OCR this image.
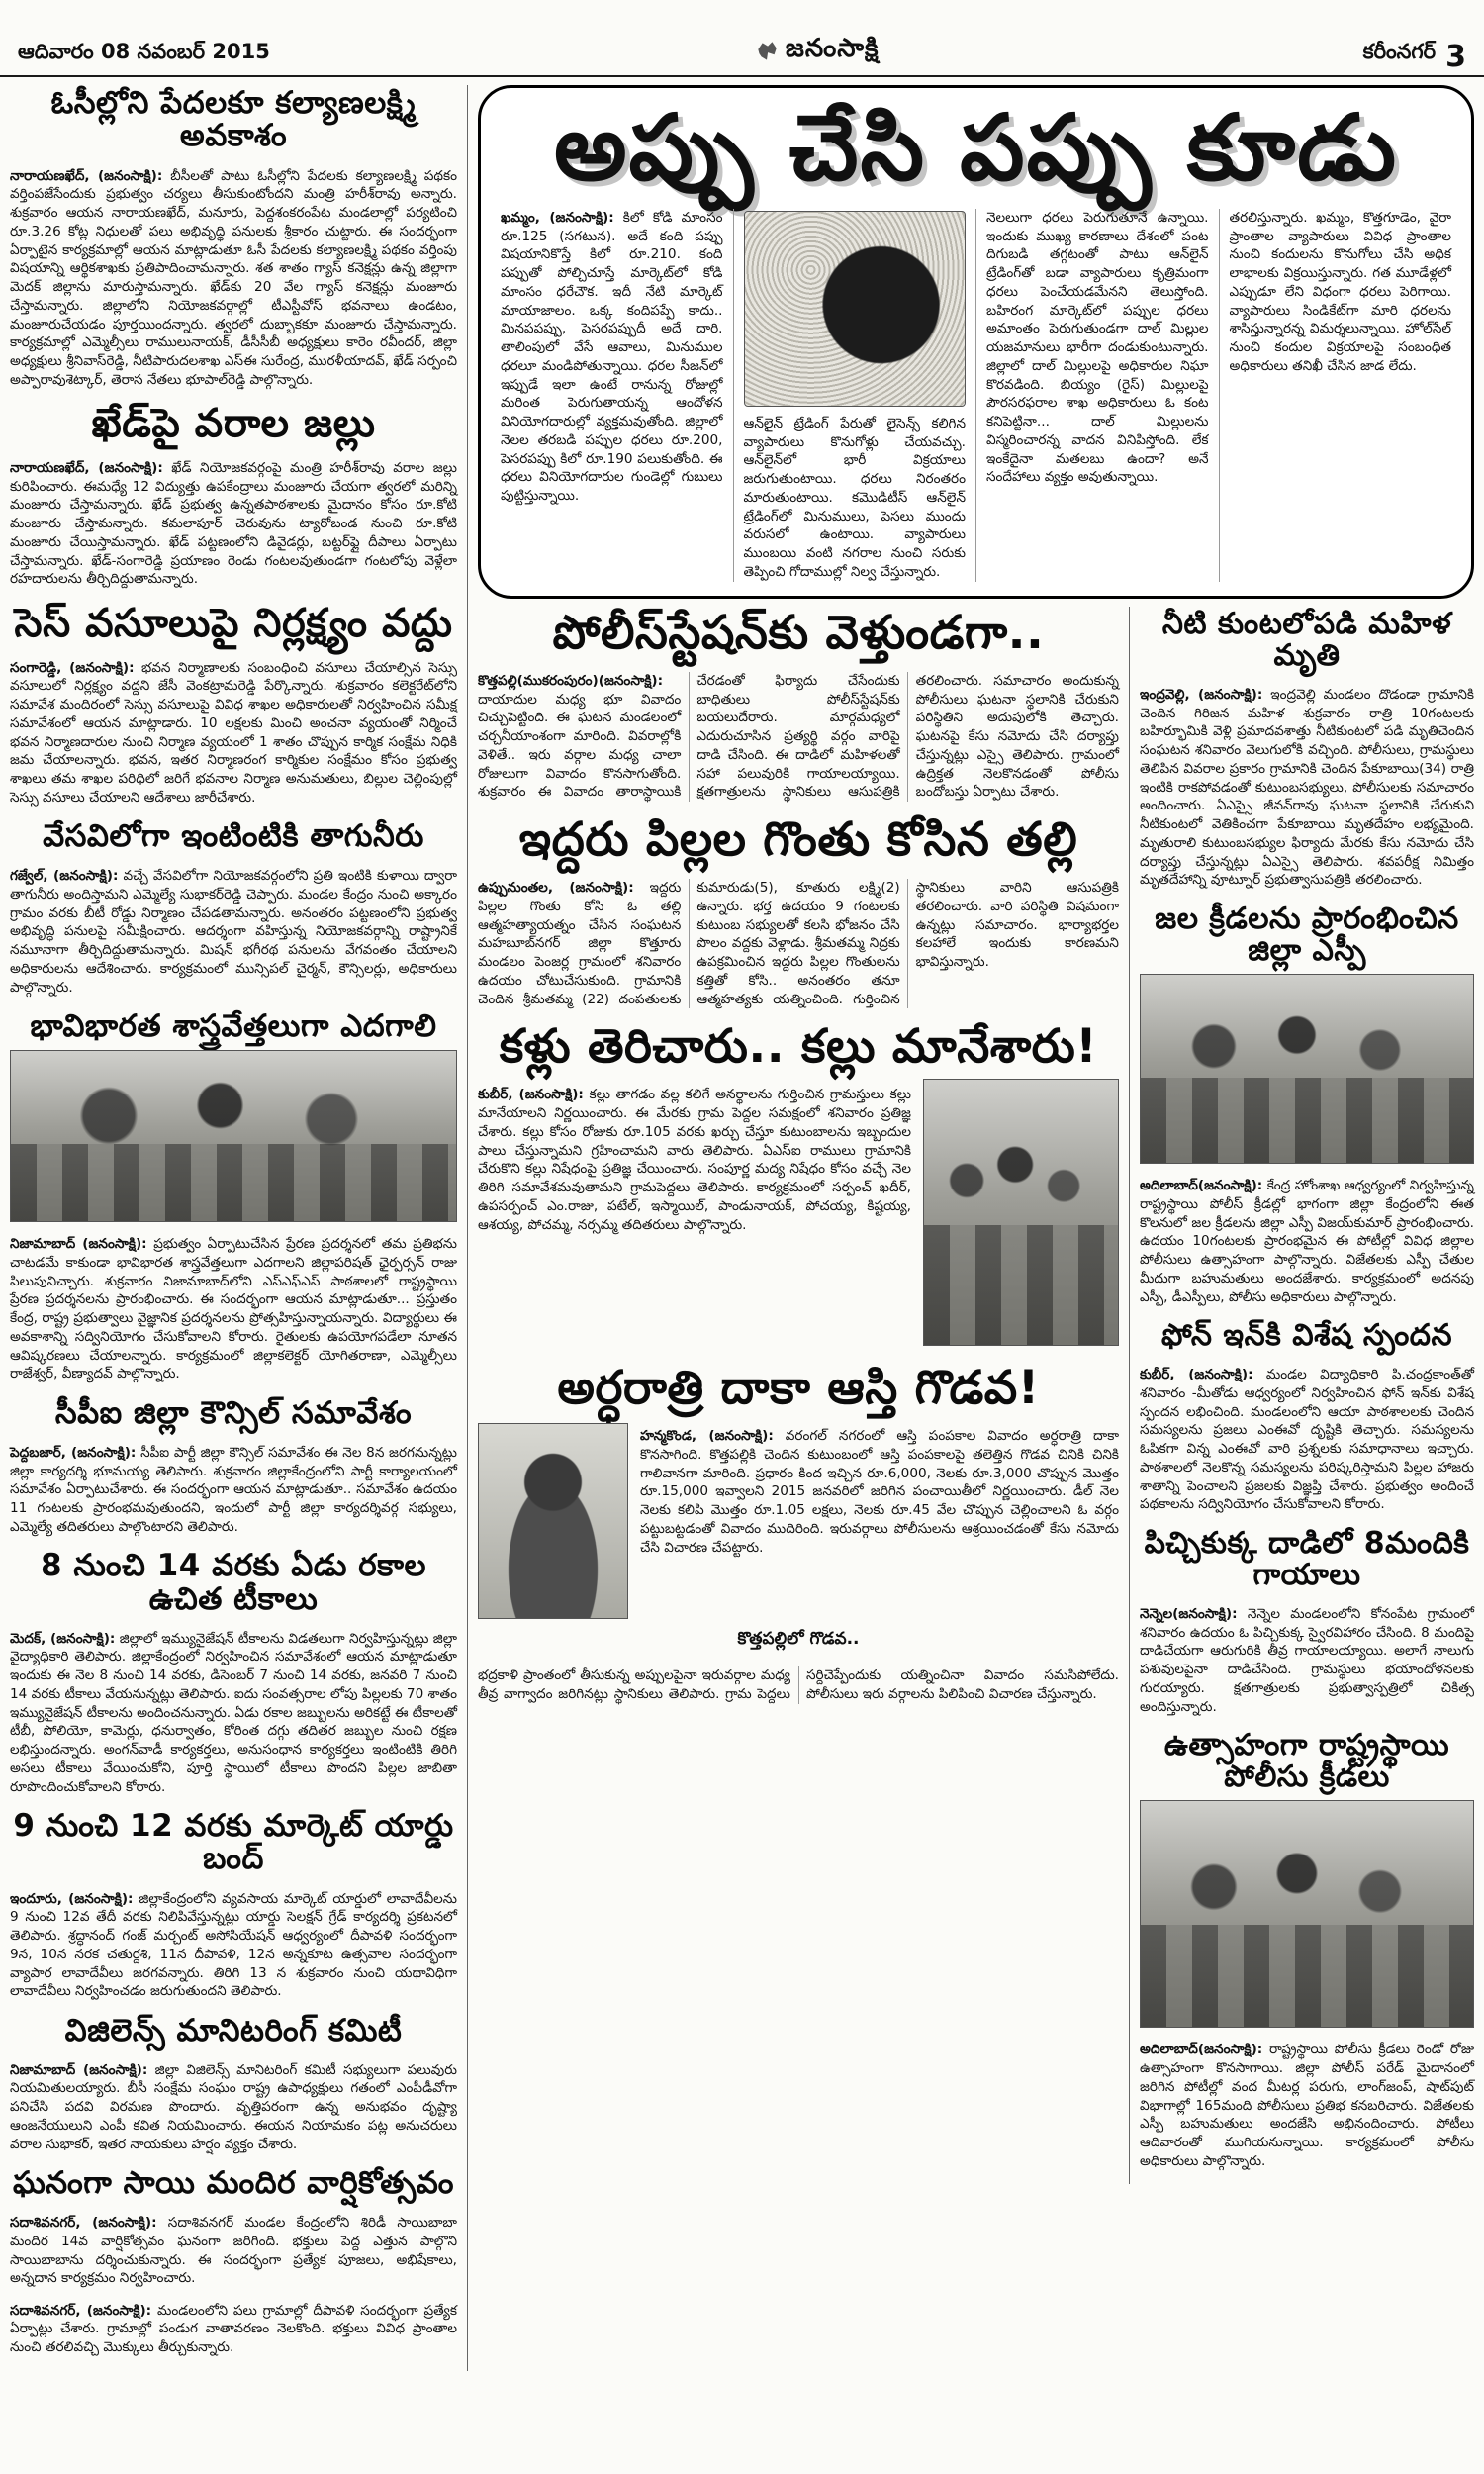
ఆదివారం 08 నవంబర్ 2015	జనంసాక్షి	కరీంనగర్ 3
ఓసీల్లోని పేదలకూ కల్యాణలక్ష్మి అవకాశం

నారాయణఖేద్, (జనంసాక్షి): బీసీలతో పాటు ఓసీల్లోని పేదలకు కల్యాణలక్ష్మి పథకం వర్తింపజేసేందుకు ప్రభుత్వం చర్యలు తీసుకుంటోందని మంత్రి హరీశ్‌రావు అన్నారు. శుక్రవారం ఆయన నారాయణఖేద్, మనూరు, పెద్దశంకరంపేట మండలాల్లో పర్యటించి రూ.3.26 కోట్ల నిధులతో పలు అభివృద్ధి పనులకు శ్రీకారం చుట్టారు. ఈ సందర్భంగా ఏర్పాటైన కార్యక్రమాల్లో ఆయన మాట్లాడుతూ ఓసీ పేదలకు కల్యాణలక్ష్మి పథకం వర్తింపు విషయాన్ని ఆర్థికశాఖకు ప్రతిపాదించామన్నారు. శత శాతం గ్యాస్ కనెక్షన్లు ఉన్న జిల్లాగా మెదక్ జిల్లాను మారుస్తామన్నారు. ఖేడ్‌కు 20 వేల గ్యాస్ కనెక్షన్లు మంజూరు చేస్తామన్నారు. జిల్లాలోని నియోజకవర్గాల్లో టీఎస్టీవోస్ భవనాలు ఉండటం, మంజూరుచేయడం పూర్తయిందన్నారు. త్వరలో దుబ్బాకకూ మంజూరు చేస్తామన్నారు. కార్యక్రమాల్లో ఎమ్మెల్సీలు రాములునాయక్, డీసీసీబీ అధ్యక్షులు కారెం రవీందర్, జిల్లా అధ్యక్షులు శ్రీనివాస్‌రెడ్డి, నీటిపారుదలశాఖ ఎస్ఈ సురేంద్ర, మురళీయాదవ్, ఖేడ్ సర్పంచి అప్పారావుశెట్కార్, తెరాస నేతలు భూపాల్‌రెడ్డి పాల్గొన్నారు.

ఖేడ్‌పై వరాల జల్లు

నారాయణఖేద్, (జనంసాక్షి): ఖేడ్ నియోజకవర్గంపై మంత్రి హరీశ్‌రావు వరాల జల్లు కురిపించారు. ఈమధ్యే 12 విద్యుత్తు ఉపకేంద్రాలు మంజూరు చేయగా త్వరలో మరిన్ని మంజూరు చేస్తామన్నారు. ఖేడ్ ప్రభుత్వ ఉన్నతపాఠశాలకు మైదానం కోసం రూ.కోటి మంజూరు చేస్తామన్నారు. కమలాపూర్ చెరువును ట్యారోబండ నుంచి రూ.కోటి మంజూరు చేయిస్తామన్నారు. ఖేడ్ పట్టణంలోని డివైడర్లు, బట్టర్‌ఫ్లై దీపాలు ఏర్పాటు చేస్తామన్నారు. ఖేడ్-సంగారెడ్డి ప్రయాణం రెండు గంటలవుతుండగా గంటలోపు వెళ్లేలా రహదారులను తీర్చిదిద్దుతామన్నారు.

సెస్ వసూలుపై నిర్లక్ష్యం వద్దు

సంగారెడ్డి, (జనంసాక్షి): భవన నిర్మాణాలకు సంబంధించి వసూలు చేయాల్సిన సెస్సు వసూలులో నిర్లక్ష్యం వద్దని జేసీ వెంకట్రామరెడ్డి పేర్కొన్నారు. శుక్రవారం కలెక్టరేట్‌లోని సమావేశ మందిరంలో సెస్సు వసూలుపై వివిధ శాఖల అధికారులతో నిర్వహించిన సమీక్ష సమావేశంలో ఆయన మాట్లాడారు. 10 లక్షలకు మించి అంచనా వ్యయంతో నిర్మించే భవన నిర్మాణదారుల నుంచి నిర్మాణ వ్యయంలో 1 శాతం చొప్పున కార్మిక సంక్షేమ నిధికి జమ చేయాలన్నారు. భవన, ఇతర నిర్మాణరంగ కార్మికుల సంక్షేమం కోసం ప్రభుత్వ శాఖలు తమ శాఖల పరిధిలో జరిగే భవనాల నిర్మాణ అనుమతులు, బిల్లుల చెల్లింపుల్లో సెస్సు వసూలు చేయాలని ఆదేశాలు జారీచేశారు.

వేసవిలోగా ఇంటింటికి తాగునీరు

గజ్వేల్, (జనంసాక్షి): వచ్చే వేసవిలోగా నియోజకవర్గంలోని ప్రతి ఇంటికి కుళాయి ద్వారా తాగునీరు అందిస్తామని ఎమ్మెల్యే సుభాకర్‌రెడ్డి చెప్పారు. మండల కేంద్రం నుంచి అక్కారం గ్రామం వరకు బీటీ రోడ్డు నిర్మాణం చేపడతామన్నారు. అనంతరం పట్టణంలోని ప్రభుత్వ అభివృద్ధి పనులపై సమీక్షించారు. ఆదర్శంగా వహిస్తున్న నియోజకవర్గాన్ని రాష్ట్రానికే నమూనాగా తీర్చిదిద్దుతామన్నారు. మిషన్ భగీరథ పనులను వేగవంతం చేయాలని అధికారులను ఆదేశించారు. కార్యక్రమంలో మున్సిపల్ చైర్మన్, కౌన్సిలర్లు, అధికారులు పాల్గొన్నారు.

భావిభారత శాస్త్రవేత్తలుగా ఎదగాలి

నిజామాబాద్ (జనంసాక్షి): ప్రభుత్వం ఏర్పాటుచేసిన ప్రేరణ ప్రదర్శనలో తమ ప్రతిభను చాటడమే కాకుండా భావిభారత శాస్త్రవేత్తలుగా ఎదగాలని జిల్లాపరిషత్ ఛైర్పర్సన్ రాజు పిలుపునిచ్చారు. శుక్రవారం నిజామాబాద్‌లోని ఎస్ఎఫ్ఎస్ పాఠశాలలో రాష్ట్రస్థాయి ప్రేరణ ప్రదర్శనలను ప్రారంభించారు. ఈ సందర్భంగా ఆయన మాట్లాడుతూ... ప్రస్తుతం కేంద్ర, రాష్ట్ర ప్రభుత్వాలు వైజ్ఞానిక ప్రదర్శనలను ప్రోత్సహిస్తున్నాయన్నారు. విద్యార్థులు ఈ అవకాశాన్ని సద్వినియోగం చేసుకోవాలని కోరారు. రైతులకు ఉపయోగపడేలా నూతన ఆవిష్కరణలు చేయాలన్నారు. కార్యక్రమంలో జిల్లాకలెక్టర్ యోగితరాణా, ఎమ్మెల్సీలు రాజేశ్వర్, వీణ్యాదవ్ పాల్గొన్నారు.

సీపీఐ జిల్లా కౌన్సిల్ సమావేశం

పెద్దబజార్, (జనంసాక్షి): సీపీఐ పార్టీ జిల్లా కౌన్సిల్ సమావేశం ఈ నెల 8న జరగనున్నట్లు జిల్లా కార్యదర్శి భూమయ్య తెలిపారు. శుక్రవారం జిల్లాకేంద్రంలోని పార్టీ కార్యాలయంలో సమావేశం ఏర్పాటుచేశారు. ఈ సందర్భంగా ఆయన మాట్లాడుతూ.. సమావేశం ఉదయం 11 గంటలకు ప్రారంభమవుతుందని, ఇందులో పార్టీ జిల్లా కార్యదర్శివర్గ సభ్యులు, ఎమ్మెల్యే తదితరులు పాల్గొంటారని తెలిపారు.

8 నుంచి 14 వరకు ఏడు రకాల ఉచిత టీకాలు

మెదక్, (జనంసాక్షి): జిల్లాలో ఇమ్యునైజేషన్ టీకాలను విడతలుగా నిర్వహిస్తున్నట్లు జిల్లా వైద్యాధికారి తెలిపారు. జిల్లాకేంద్రంలో నిర్వహించిన సమావేశంలో ఆయన మాట్లాడుతూ ఇందుకు ఈ నెల 8 నుంచి 14 వరకు, డిసెంబర్ 7 నుంచి 14 వరకు, జనవరి 7 నుంచి 14 వరకు టీకాలు వేయనున్నట్లు తెలిపారు. ఐదు సంవత్సరాల లోపు పిల్లలకు 70 శాతం ఇమ్యునైజేషన్ టీకాలను అందించనున్నారు. ఏడు రకాల జబ్బులను అరికట్టే ఈ టీకాలతో టీబీ, పోలియో, కామెర్లు, ధనుర్వాతం, కోరింత దగ్గు తదితర జబ్బుల నుంచి రక్షణ లభిస్తుందన్నారు. అంగన్‌వాడీ కార్యకర్తలు, అనుసంధాన కార్యకర్తలు ఇంటింటికి తిరిగి అసలు టీకాలు వేయించుకోని, పూర్తి స్థాయిలో టీకాలు పొందని పిల్లల జాబితా రూపొందించుకోవాలని కోరారు.

9 నుంచి 12 వరకు మార్కెట్ యార్డు బంద్

ఇందూరు, (జనంసాక్షి): జిల్లాకేంద్రంలోని వ్యవసాయ మార్కెట్ యార్డులో లావాదేవీలను 9 నుంచి 12వ తేదీ వరకు నిలిపివేస్తున్నట్లు యార్డు సెలక్షన్ గ్రేడ్ కార్యదర్శి ప్రకటనలో తెలిపారు. శ్రద్ధానంద్ గంజ్ మర్చంట్ అసోసియేషన్ ఆధ్వర్యంలో దీపావళి సందర్భంగా 9న, 10న నరక చతుర్దశి, 11న దీపావళి, 12న అన్నకూట ఉత్సవాల సందర్భంగా వ్యాపార లావాదేవీలు జరగవన్నారు. తిరిగి 13 న శుక్రవారం నుంచి యథావిధిగా లావాదేవీలు నిర్వహించడం జరుగుతుందని తెలిపారు.

విజిలెన్స్ మానిటరింగ్ కమిటీ

నిజామాబాద్ (జనంసాక్షి): జిల్లా విజిలెన్స్ మానిటరింగ్ కమిటీ సభ్యులుగా పలువురు నియమితులయ్యారు. బీసీ సంక్షేమ సంఘం రాష్ట్ర ఉపాధ్యక్షులు గతంలో ఎంపీడీవోగా పనిచేసి పదవి విరమణ పొందారు. వృత్తిపరంగా ఉన్న అనుభవం దృష్ట్యా ఆంజనేయులుని ఎంపీ కవిత నియమించారు. ఈయన నియామకం పట్ల అనుచరులు వరాల సుభాకర్, ఇతర నాయకులు హర్షం వ్యక్తం చేశారు.

ఘనంగా సాయి మందిర వార్షికోత్సవం

సదాశివనగర్, (జనంసాక్షి): సదాశివనగర్ మండల కేంద్రంలోని శిరిడీ సాయిబాబా మందిర 14వ వార్షికోత్సవం ఘనంగా జరిగింది. భక్తులు పెద్ద ఎత్తున పాల్గొని సాయిబాబాను దర్శించుకున్నారు. ఈ సందర్భంగా ప్రత్యేక పూజలు, అభిషేకాలు, అన్నదాన కార్యక్రమం నిర్వహించారు.

సదాశివనగర్, (జనంసాక్షి): మండలంలోని పలు గ్రామాల్లో దీపావళి సందర్భంగా ప్రత్యేక ఏర్పాట్లు చేశారు. గ్రామాల్లో పండుగ వాతావరణం నెలకొంది. భక్తులు వివిధ ప్రాంతాల నుంచి తరలివచ్చి మొక్కులు తీర్చుకున్నారు.

అప్పు చేసి పప్పు కూడు
ఖమ్మం, (జనంసాక్షి): కిలో కోడి మాంసం రూ.125 (సగటున). అదే కంది పప్పు విషయానికొస్తే కిలో రూ.210. కంది పప్పుతో పోల్చిచూస్తే మార్కెట్‌లో కోడి మాంసం ధరేచౌక. ఇదీ నేటి మార్కెట్ మాయాజాలం. ఒక్క కందిపప్పే కాదు.. మినపపప్పు, పెసరపప్పుదీ అదే దారి. తాలింపులో వేసే ఆవాలు, మినుముల ధరలూ మండిపోతున్నాయి. ధరల సీజన్‌లో ఇప్పుడే ఇలా ఉంటే రానున్న రోజుల్లో మరింత పెరుగుతాయన్న ఆందోళన వినియోగదారుల్లో వ్యక్తమవుతోంది. జిల్లాలో నెలల తరబడి పప్పుల ధరలు రూ.200, పెసరపప్పు కిలో రూ.190 పలుకుతోంది. ఈ ధరలు వినియోగదారుల గుండెల్లో గుబులు పుట్టిస్తున్నాయి.
ఆన్‌లైన్ ట్రేడింగ్ పేరుతో లైసెన్స్ కలిగిన వ్యాపారులు కొనుగోళ్లు చేయవచ్చు. ఆన్‌లైన్‌లో భారీ విక్రయాలు జరుగుతుంటాయి. ధరలు నిరంతరం మారుతుంటాయి. కమొడిటీస్ ఆన్‌లైన్ ట్రేడింగ్‌లో మినుములు, పెసలు ముందు వరుసలో ఉంటాయి. వ్యాపారులు ముంబయి వంటి నగరాల నుంచి సరుకు తెప్పించి గోదాముల్లో నిల్వ చేస్తున్నారు.
నెలలుగా ధరలు పెరుగుతూనే ఉన్నాయి. ఇందుకు ముఖ్య కారణాలు దేశంలో పంట దిగుబడి తగ్గటంతో పాటు ఆన్‌లైన్ ట్రేడింగ్‌తో బడా వ్యాపారులు కృత్రిమంగా ధరలు పెంచేయడమేనని తెలుస్తోంది. బహిరంగ మార్కెట్‌లో పప్పుల ధరలు అమాంతం పెరుగుతుండగా దాల్ మిల్లుల యజమానులు భారీగా దండుకుంటున్నారు. జిల్లాలో దాల్ మిల్లులపై అధికారుల నిఘా కొరవడింది. బియ్యం (రైస్) మిల్లులపై పౌరసరఫరాల శాఖ అధికారులు ఓ కంట కనిపెట్టినా... దాల్ మిల్లులను విస్మరించారన్న వాదన వినిపిస్తోంది. లేక ఇంకేదైనా మతలబు ఉందా? అనే సందేహాలు వ్యక్తం అవుతున్నాయి.
తరలిస్తున్నారు. ఖమ్మం, కొత్తగూడెం, వైరా ప్రాంతాల వ్యాపారులు వివిధ ప్రాంతాల నుంచి కందులను కొనుగోలు చేసి అధిక లాభాలకు విక్రయిస్తున్నారు. గత మూడేళ్లలో ఎప్పుడూ లేని విధంగా ధరలు పెరిగాయి. వ్యాపారులు సిండికేట్‌గా మారి ధరలను శాసిస్తున్నారన్న విమర్శలున్నాయి. హోల్‌సేల్ నుంచి కందుల విక్రయాలపై సంబంధిత అధికారులు తనిఖీ చేసిన జాడ లేదు.
పోలీస్‌స్టేషన్‌కు వెళ్తుండగా..

కొత్తపల్లి(ముకరంపురం)(జనంసాక్షి): దాయాదుల మధ్య భూ వివాదం చిచ్చుపెట్టింది. ఈ ఘటన మండలంలో చర్చనీయాంశంగా మారింది. వివరాల్లోకి వెళితే.. ఇరు వర్గాల మధ్య చాలా రోజులుగా వివాదం కొనసాగుతోంది. శుక్రవారం ఈ వివాదం తారాస్థాయికి చేరడంతో ఫిర్యాదు చేసేందుకు బాధితులు పోలీస్‌స్టేషన్‌కు బయలుదేరారు. మార్గమధ్యలో ఎదురుచూసిన ప్రత్యర్థి వర్గం వారిపై దాడి చేసింది. ఈ దాడిలో మహిళలతో సహా పలువురికి గాయాలయ్యాయి. క్షతగాత్రులను స్థానికులు ఆసుపత్రికి తరలించారు. సమాచారం అందుకున్న పోలీసులు ఘటనా స్థలానికి చేరుకుని పరిస్థితిని అదుపులోకి తెచ్చారు. ఘటనపై కేసు నమోదు చేసి దర్యాప్తు చేస్తున్నట్లు ఎస్సై తెలిపారు. గ్రామంలో ఉద్రిక్తత నెలకొనడంతో పోలీసు బందోబస్తు ఏర్పాటు చేశారు.

ఇద్దరు పిల్లల గొంతు కోసిన తల్లి

ఉప్పునుంతల, (జనంసాక్షి): ఇద్దరు పిల్లల గొంతు కోసి ఓ తల్లి ఆత్మహత్యాయత్నం చేసిన సంఘటన మహబూబ్‌నగర్ జిల్లా కొత్తూరు మండలం పెంజర్ల గ్రామంలో శనివారం ఉదయం చోటుచేసుకుంది. గ్రామానికి చెందిన శ్రీమతమ్మ (22) దంపతులకు కుమారుడు(5), కూతురు లక్ష్మి(2) ఉన్నారు. భర్త ఉదయం 9 గంటలకు కుటుంబ సభ్యులతో కలసి భోజనం చేసి పొలం వద్దకు వెళ్లాడు. శ్రీమతమ్మ నిద్రకు ఉపక్రమించిన ఇద్దరు పిల్లల గొంతులను కత్తితో కోసి.. అనంతరం తనూ ఆత్మహత్యకు యత్నించింది. గుర్తించిన స్థానికులు వారిని ఆసుపత్రికి తరలించారు. వారి పరిస్థితి విషమంగా ఉన్నట్లు సమాచారం. భార్యాభర్తల కలహాలే ఇందుకు కారణమని భావిస్తున్నారు.

కళ్లు తెరిచారు.. కల్లు మానేశారు!

కుబీర్, (జనంసాక్షి): కల్లు తాగడం వల్ల కలిగే అనర్థాలను గుర్తించిన గ్రామస్తులు కల్లు మానేయాలని నిర్ణయించారు. ఈ మేరకు గ్రామ పెద్దల సమక్షంలో శనివారం ప్రతిజ్ఞ చేశారు. కల్లు కోసం రోజుకు రూ.105 వరకు ఖర్చు చేస్తూ కుటుంబాలను ఇబ్బందుల పాలు చేస్తున్నామని గ్రహించామని వారు తెలిపారు. ఏఎస్ఐ రాములు గ్రామానికి చేరుకొని కల్లు నిషేధంపై ప్రతిజ్ఞ చేయించారు. సంపూర్ణ మద్య నిషేధం కోసం వచ్చే నెల తిరిగి సమావేశమవుతామని గ్రామపెద్దలు తెలిపారు. కార్యక్రమంలో సర్పంచ్ ఖదీర్, ఉపసర్పంచ్ ఎం.రాజు, పటేల్, ఇస్మాయిల్, పాండునాయక్, పోచయ్య, కిష్టయ్య, ఆశయ్య, పోచమ్మ, నర్సమ్మ తదితరులు పాల్గొన్నారు.

అర్ధరాత్రి దాకా ఆస్తి గొడవ!

హన్మకొండ, (జనంసాక్షి): వరంగల్ నగరంలో ఆస్తి పంపకాల వివాదం అర్ధరాత్రి దాకా కొనసాగింది. కొత్తపల్లికి చెందిన కుటుంబంలో ఆస్తి పంపకాలపై తలెత్తిన గొడవ చినికి చినికి గాలివానగా మారింది. ప్రధారం కింద ఇచ్చిన రూ.6,000, నెలకు రూ.3,000 చొప్పున మొత్తం రూ.15,000 ఇవ్వాలని 2015 జనవరిలో జరిగిన పంచాయితీలో నిర్ణయించారు. డీల్ నెల నెలకు కలిపి మొత్తం రూ.1.05 లక్షలు, నెలకు రూ.45 వేల చొప్పున చెల్లించాలని ఓ వర్గం పట్టుబట్టడంతో వివాదం ముదిరింది. ఇరువర్గాలు పోలీసులను ఆశ్రయించడంతో కేసు నమోదు చేసి విచారణ చేపట్టారు.

కొత్తపల్లిలో గొడవ..

భద్రకాళి ప్రాంతంలో తీసుకున్న అప్పులపైనా ఇరువర్గాల మధ్య తీవ్ర వాగ్వాదం జరిగినట్లు స్థానికులు తెలిపారు. గ్రామ పెద్దలు సర్దిచెప్పేందుకు యత్నించినా వివాదం సమసిపోలేదు. పోలీసులు ఇరు వర్గాలను పిలిపించి విచారణ చేస్తున్నారు.

నీటి కుంటలోపడి మహిళ మృతి

ఇంద్రవెల్లి, (జనంసాక్షి): ఇంద్రవెల్లి మండలం దొడండా గ్రామానికి చెందిన గిరిజన మహిళ శుక్రవారం రాత్రి 10గంటలకు బహిర్భూమికి వెళ్లి ప్రమాదవశాత్తు నీటికుంటలో పడి మృతిచెందిన సంఘటన శనివారం వెలుగులోకి వచ్చింది. పోలీసులు, గ్రామస్థులు తెలిపిన వివరాల ప్రకారం గ్రామానికి చెందిన పేకూబాయి(34) రాత్రి ఇంటికి రాకపోవడంతో కుటుంబసభ్యులు, పోలీసులకు సమాచారం అందించారు. ఏఎస్సై జీవన్‌రావు ఘటనా స్థలానికి చేరుకుని నీటికుంటలో వెతికించగా పేకూబాయి మృతదేహం లభ్యమైంది. మృతురాలి కుటుంబసభ్యుల ఫిర్యాదు మేరకు కేసు నమోదు చేసి దర్యాప్తు చేస్తున్నట్లు ఏఎస్సై తెలిపారు. శవపరీక్ష నిమిత్తం మృతదేహాన్ని వూట్నూర్ ప్రభుత్వాసుపత్రికి తరలించారు.

జల క్రీడలను ప్రారంభించిన జిల్లా ఎస్పీ

అదిలాబాద్(జనంసాక్షి): కేంద్ర హోంశాఖ ఆధ్వర్యంలో నిర్వహిస్తున్న రాష్ట్రస్థాయి పోలీస్ క్రీడల్లో భాగంగా జిల్లా కేంద్రంలోని ఈత కొలనులో జల క్రీడలను జిల్లా ఎస్పీ విజయ్‌కుమార్ ప్రారంభించారు. ఉదయం 10గంటలకు ప్రారంభమైన ఈ పోటీల్లో వివిధ జిల్లాల పోలీసులు ఉత్సాహంగా పాల్గొన్నారు. విజేతలకు ఎస్పీ చేతుల మీదుగా బహుమతులు అందజేశారు. కార్యక్రమంలో అదనపు ఎస్పీ, డీఎస్పీలు, పోలీసు అధికారులు పాల్గొన్నారు.

ఫోన్ ఇన్‌కి విశేష స్పందన

కుబీర్, (జనంసాక్షి): మండల విద్యాధికారి పి.చంద్రకాంత్‌తో శనివారం -మీతోడు ఆధ్వర్యంలో నిర్వహించిన ఫోన్ ఇన్‌కు విశేష స్పందన లభించింది. మండలంలోని ఆయా పాఠశాలలకు చెందిన సమస్యలను ప్రజలు ఎంఈవో దృష్టికి తెచ్చారు. సమస్యలను ఓపికగా విన్న ఎంఈవో వారి ప్రశ్నలకు సమాధానాలు ఇచ్చారు. పాఠశాలలో నెలకొన్న సమస్యలను పరిష్కరిస్తామని పిల్లల హాజరు శాతాన్ని పెంచాలని ప్రజలకు విజ్ఞప్తి చేశారు. ప్రభుత్వం అందించే పథకాలను సద్వినియోగం చేసుకోవాలని కోరారు.

పిచ్చికుక్క దాడిలో 8మందికి గాయాలు

నెన్నెల(జనంసాక్షి): నెన్నెల మండలంలోని కోనంపేట గ్రామంలో శనివారం ఉదయం ఓ పిచ్చికుక్క స్వైరవిహారం చేసింది. 8 మందిపై దాడిచేయగా ఆరుగురికి తీవ్ర గాయాలయ్యాయి. అలాగే నాలుగు పశువులపైనా దాడిచేసింది. గ్రామస్థులు భయాందోళనలకు గురయ్యారు. క్షతగాత్రులకు ప్రభుత్వాస్పత్రిలో చికిత్స అందిస్తున్నారు.

ఉత్సాహంగా రాష్ట్రస్థాయి పోలీసు క్రీడలు

అదిలాబాద్(జనంసాక్షి): రాష్ట్రస్థాయి పోలీసు క్రీడలు రెండో రోజు ఉత్సాహంగా కొనసాగాయి. జిల్లా పోలీస్ పరేడ్ మైదానంలో జరిగిన పోటీల్లో వంద మీటర్ల పరుగు, లాంగ్‌జంప్, షాట్‌పుట్ విభాగాల్లో 165మంది పోలీసులు ప్రతిభ కనబరిచారు. విజేతలకు ఎస్పీ బహుమతులు అందజేసి అభినందించారు. పోటీలు ఆదివారంతో ముగియనున్నాయి. కార్యక్రమంలో పోలీసు అధికారులు పాల్గొన్నారు.
